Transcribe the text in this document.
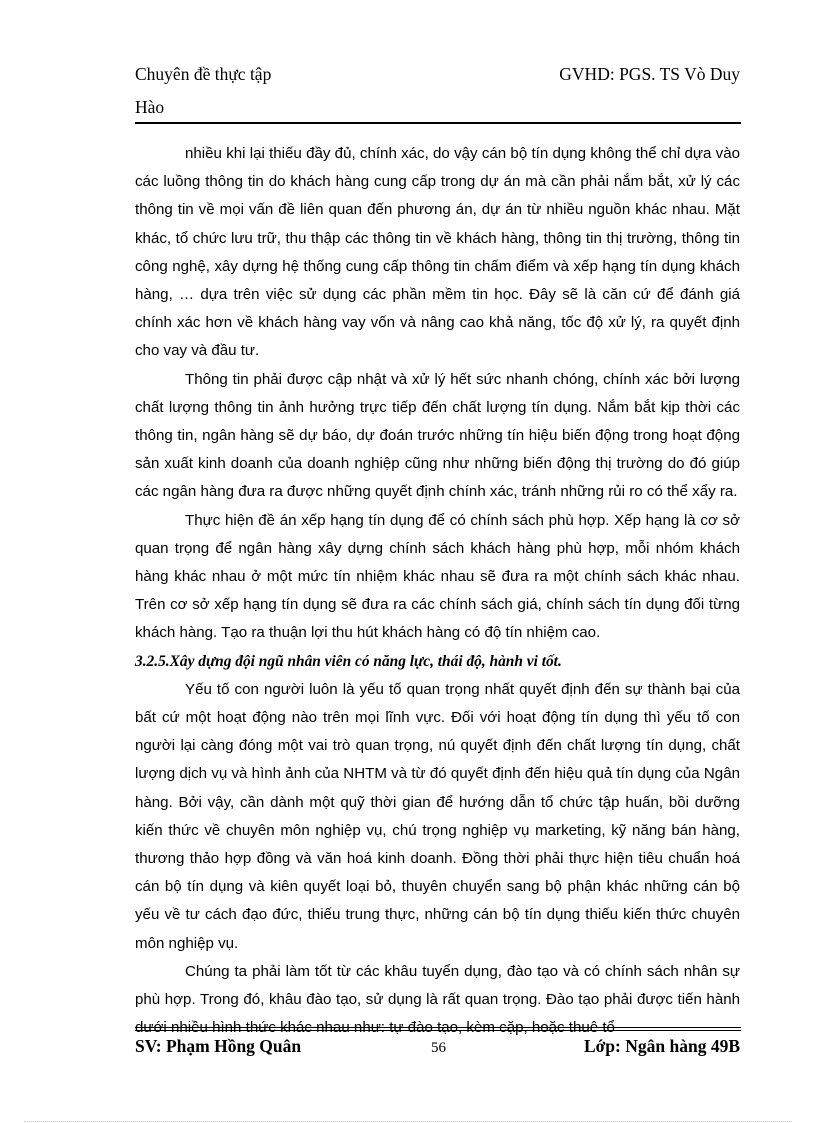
Chuyên đề thực tập	GVHD: PGS. TS Vò Duy
Hào

nhiều khi lại thiếu đầy đủ, chính xác, do vậy cán bộ tín dụng không thể chỉ dựa vào các luồng thông tin do khách hàng cung cấp trong dự án mà cần phải nắm bắt, xử lý các thông tin về mọi vấn đề liên quan đến phương án, dự án từ nhiều nguồn khác nhau. Mặt khác, tổ chức lưu trữ, thu thập các thông tin về khách hàng, thông tin thị trường, thông tin công nghệ, xây dựng hệ thống cung cấp thông tin chấm điểm và xếp hạng tín dụng khách hàng, … dựa trên việc sử dụng các phần mềm tin học. Đây sẽ là căn cứ để đánh giá chính xác hơn về khách hàng vay vốn và nâng cao khả năng, tốc độ xử lý, ra quyết định cho vay và đầu tư.

Thông tin phải được cập nhật và xử lý hết sức nhanh chóng, chính xác bởi lượng chất lượng thông tin ảnh hưởng trực tiếp đến chất lượng tín dụng. Nắm bắt kịp thời các thông tin, ngân hàng sẽ dự báo, dự đoán trước những tín hiệu biến động trong hoạt động sản xuất kinh doanh của doanh nghiệp cũng như những biến động thị trường do đó giúp các ngân hàng đưa ra được những quyết định chính xác, tránh những rủi ro có thể xẩy ra.

Thực hiện đề án xếp hạng tín dụng để có chính sách phù hợp. Xếp hạng là cơ sở quan trọng để ngân hàng xây dựng chính sách khách hàng phù hợp, mỗi nhóm khách hàng khác nhau ở một mức tín nhiệm khác nhau sẽ đưa ra một chính sách khác nhau. Trên cơ sở xếp hạng tín dụng sẽ đưa ra các chính sách giá, chính sách tín dụng đối từng khách hàng. Tạo ra thuận lợi thu hút khách hàng có độ tín nhiệm cao.

3.2.5.Xây dựng đội ngũ nhân viên có năng lực, thái độ, hành vi tốt.

Yếu tố con người luôn là yếu tố quan trọng nhất quyết định đến sự thành bại của bất cứ một hoạt động nào trên mọi lĩnh vực. Đối với hoạt động tín dụng thì yếu tố con người lại càng đóng một vai trò quan trọng, nú quyết định đến chất lượng tín dụng, chất lượng dịch vụ và hình ảnh của NHTM và từ đó quyết định đến hiệu quả tín dụng của Ngân hàng. Bởi vậy, cần dành một quỹ thời gian để hướng dẫn tổ chức tập huấn, bồi dưỡng kiến thức về chuyên môn nghiệp vụ, chú trọng nghiệp vụ marketing, kỹ năng bán hàng, thương thảo hợp đồng và văn hoá kinh doanh. Đồng thời phải thực hiện tiêu chuẩn hoá cán bộ tín dụng và kiên quyết loại bỏ, thuyên chuyển sang bộ phận khác những cán bộ yếu về tư cách đạo đức, thiếu trung thực, những cán bộ tín dụng thiếu kiến thức chuyên môn nghiệp vụ.

Chúng ta phải làm tốt từ các khâu tuyển dụng, đào tạo và có chính sách nhân sự phù hợp. Trong đó, khâu đào tạo, sử dụng là rất quan trọng. Đào tạo phải được tiến hành dưới nhiều hình thức khác nhau như: tự đào tạo, kèm cặp, hoặc thuê tổ

SV: Phạm Hồng Quân	Lớp: Ngân hàng 49B
56
